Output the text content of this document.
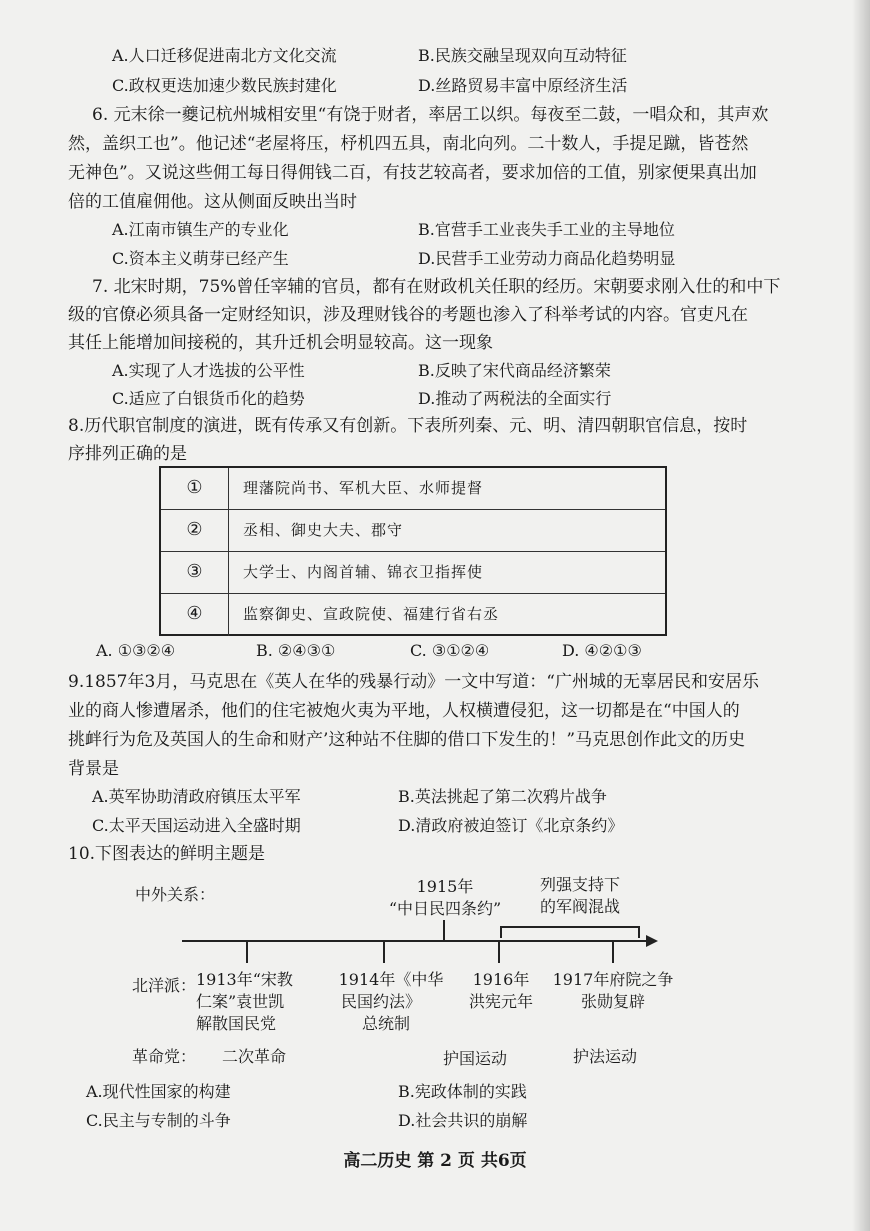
A.人口迁移促进南北方文化交流	B.民族交融呈现双向互动特征
C.政权更迭加速少数民族封建化	D.丝路贸易丰富中原经济生活
6. 元末徐一夔记杭州城相安里“有饶于财者，率居工以织。每夜至二鼓，一唱众和，其声欢
然，盖织工也”。他记述“老屋将压，杼机四五具，南北向列。二十数人，手提足蹴，皆苍然
无神色”。又说这些佣工每日得佣钱二百，有技艺较高者，要求加倍的工值，别家便果真出加
倍的工值雇佣他。这从侧面反映出当时
A.江南市镇生产的专业化	B.官营手工业丧失手工业的主导地位
C.资本主义萌芽已经产生	D.民营手工业劳动力商品化趋势明显
7. 北宋时期，75%曾任宰辅的官员，都有在财政机关任职的经历。宋朝要求刚入仕的和中下
级的官僚必须具备一定财经知识，涉及理财钱谷的考题也渗入了科举考试的内容。官吏凡在
其任上能增加间接税的，其升迁机会明显较高。这一现象
A.实现了人才选拔的公平性	B.反映了宋代商品经济繁荣
C.适应了白银货币化的趋势	D.推动了两税法的全面实行
8.历代职官制度的演进，既有传承又有创新。下表所列秦、元、明、清四朝职官信息，按时
序排列正确的是
①	理藩院尚书、军机大臣、水师提督
②	丞相、御史大夫、郡守
③	大学士、内阁首辅、锦衣卫指挥使
④	监察御史、宣政院使、福建行省右丞
A. ①③②④	B. ②④③①	C. ③①②④	D. ④②①③
9.1857年3月，马克思在《英人在华的残暴行动》一文中写道：“广州城的无辜居民和安居乐
业的商人惨遭屠杀，他们的住宅被炮火夷为平地，人权横遭侵犯，这一切都是在“中国人的
挑衅行为危及英国人的生命和财产’这种站不住脚的借口下发生的！”马克思创作此文的历史
背景是
A.英军协助清政府镇压太平军	B.英法挑起了第二次鸦片战争
C.太平天国运动进入全盛时期	D.清政府被迫签订《北京条约》
10.下图表达的鲜明主题是
中外关系：	1915年
“中日民四条约”
列强支持下
的军阀混战
北洋派： 1913年“宋教
仁案”袁世凯
解散国民党
1914年《中华
民国约法》
总统制
1916年
洪宪元年
1917年府院之争
张勋复辟
革命党： 二次革命	护国运动	护法运动
A.现代性国家的构建	B.宪政体制的实践
C.民主与专制的斗争	D.社会共识的崩解
高二历史 第 2 页 共6页
